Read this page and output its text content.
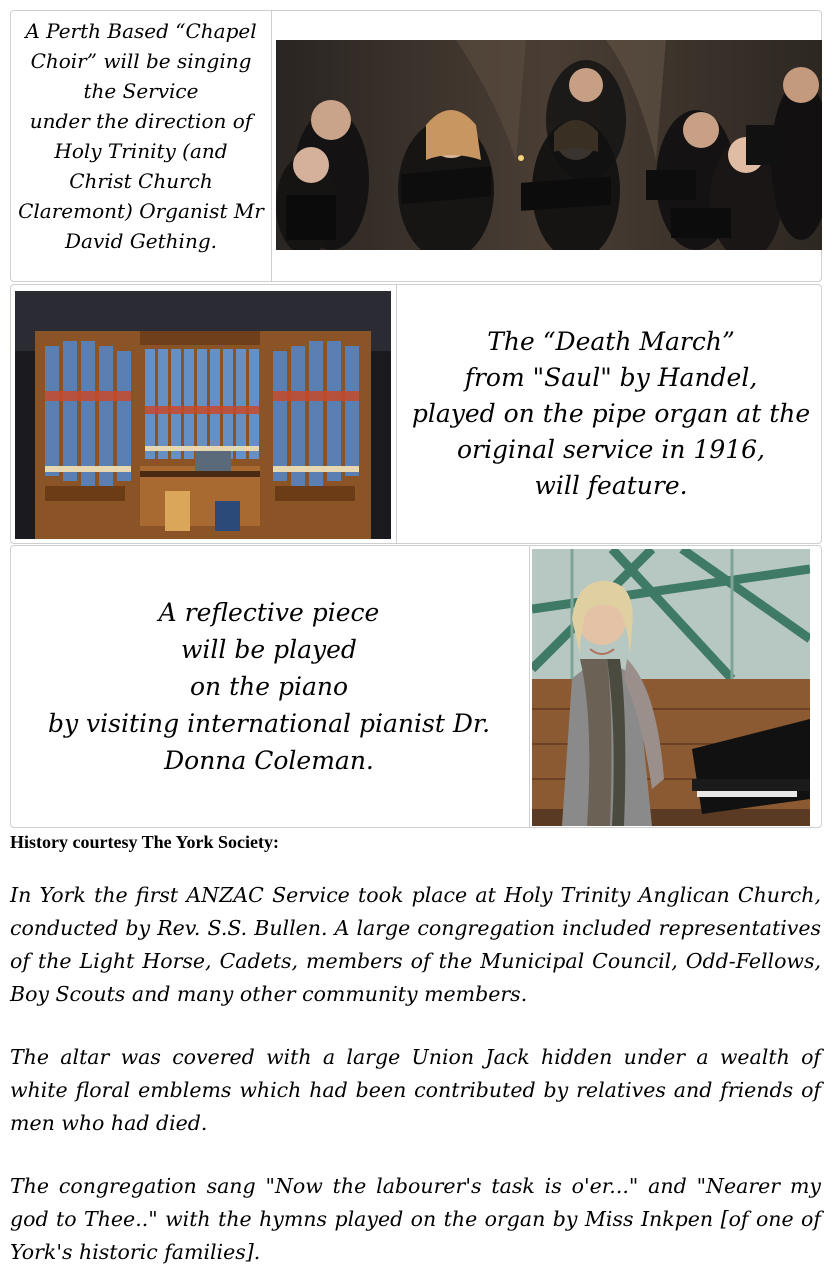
A Perth Based “Chapel
Choir” will be singing
the Service
under the direction of
Holy Trinity (and
Christ Church
Claremont) Organist Mr
David Gething.
The “Death March”
from "Saul" by Handel,
played on the pipe organ at the
original service in 1916,
will feature.
A reflective piece
will be played
on the piano
by visiting international pianist Dr.
Donna Coleman.
History courtesy The York Society:

In York the first ANZAC Service took place at Holy Trinity Anglican Church, conducted by Rev. S.S. Bullen. A large congregation included representatives of the Light Horse, Cadets, members of the Municipal Council, Odd-Fellows, Boy Scouts and many other community members.

The altar was covered with a large Union Jack hidden under a wealth of white floral emblems which had been contributed by relatives and friends of men who had died.

The congregation sang "Now the labourer's task is o'er..." and "Nearer my god to Thee.." with the hymns played on the organ by Miss Inkpen [of one of York's historic families].
